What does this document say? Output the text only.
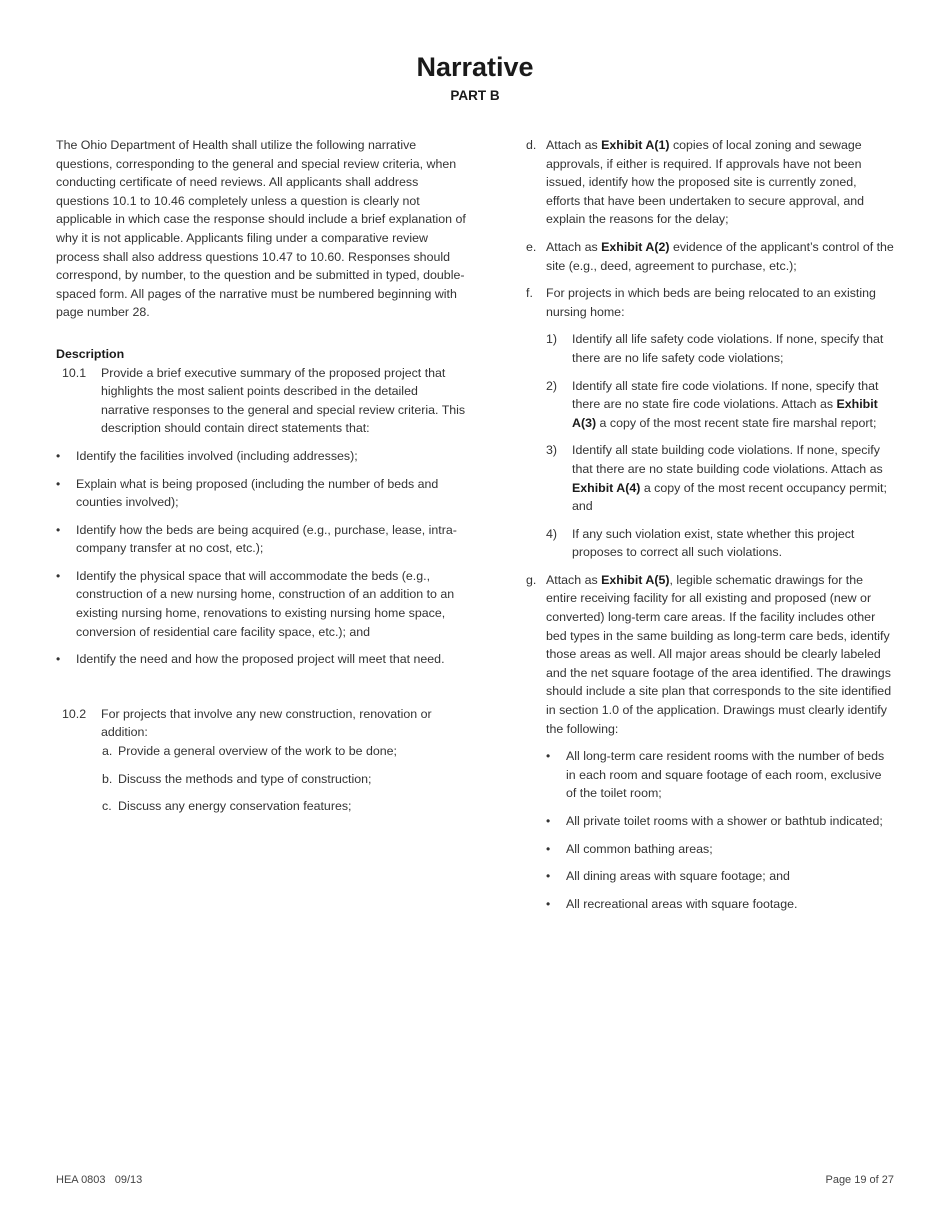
Narrative
PART B

The Ohio Department of Health shall utilize the following narrative questions, corresponding to the general and special review criteria, when conducting certificate of need reviews. All applicants shall address questions 10.1 to 10.46 completely unless a question is clearly not applicable in which case the response should include a brief explanation of why it is not applicable. Applicants filing under a comparative review process shall also address questions 10.47 to 10.60. Responses should correspond, by number, to the question and be submitted in typed, double-spaced form. All pages of the narrative must be numbered beginning with page number 28.

Description

10.1 Provide a brief executive summary of the proposed project that highlights the most salient points described in the detailed narrative responses to the general and special review criteria. This description should contain direct statements that:

• Identify the facilities involved (including addresses);
• Explain what is being proposed (including the number of beds and counties involved);
• Identify how the beds are being acquired (e.g., purchase, lease, intra-company transfer at no cost, etc.);
• Identify the physical space that will accommodate the beds (e.g., construction of a new nursing home, construction of an addition to an existing nursing home, renovations to existing nursing home space, conversion of residential care facility space, etc.); and
• Identify the need and how the proposed project will meet that need.
10.2 For projects that involve any new construction, renovation or addition:

a. Provide a general overview of the work to be done;
b. Discuss the methods and type of construction;
c. Discuss any energy conservation features;
d. Attach as Exhibit A(1) copies of local zoning and sewage approvals, if either is required. If approvals have not been issued, identify how the proposed site is currently zoned, efforts that have been undertaken to secure approval, and explain the reasons for the delay;
e. Attach as Exhibit A(2) evidence of the applicant’s control of the site (e.g., deed, agreement to purchase, etc.);
f. For projects in which beds are being relocated to an existing nursing home:
1) Identify all life safety code violations. If none, specify that there are no life safety code violations;
2) Identify all state fire code violations. If none, specify that there are no state fire code violations. Attach as Exhibit A(3) a copy of the most recent state fire marshal report;
3) Identify all state building code violations. If none, specify that there are no state building code violations. Attach as Exhibit A(4) a copy of the most recent occupancy permit; and
4) If any such violation exist, state whether this project proposes to correct all such violations.
g. Attach as Exhibit A(5), legible schematic drawings for the entire receiving facility for all existing and proposed (new or converted) long-term care areas. If the facility includes other bed types in the same building as long-term care beds, identify those areas as well. All major areas should be clearly labeled and the net square footage of the area identified. The drawings should include a site plan that corresponds to the site identified in section 1.0 of the application. Drawings must clearly identify the following:
• All long-term care resident rooms with the number of beds in each room and square footage of each room, exclusive of the toilet room;
• All private toilet rooms with a shower or bathtub indicated;
• All common bathing areas;
• All dining areas with square footage; and
• All recreational areas with square footage.
HEA 0803   09/13	Page 19 of 27
